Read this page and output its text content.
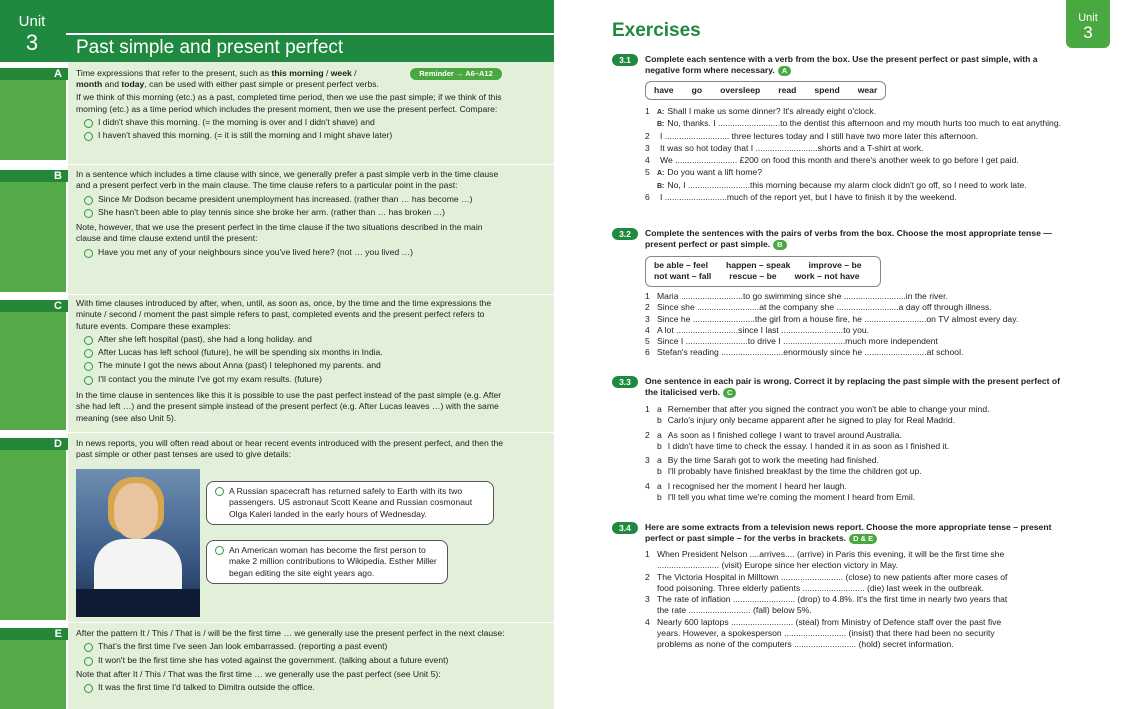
A
B
C
D
E
Unit
3	Past simple and present perfect
Reminder → A6–A12

Time expressions that refer to the present, such as this morning / week /

month and today, can be used with either past simple or present perfect verbs.

If we think of this morning (etc.) as a past, completed time period, then we use the past simple; if we think of this morning (etc.) as a time period which includes the present moment, then we use the present perfect. Compare:

I didn't shave this morning. (= the morning is over and I didn't shave) and

I haven't shaved this morning. (= it is still the morning and I might shave later)

In a sentence which includes a time clause with since, we generally prefer a past simple verb in the time clause and a present perfect verb in the main clause. The time clause refers to a particular point in the past:

Since Mr Dodson became president unemployment has increased. (rather than … has become …)

She hasn't been able to play tennis since she broke her arm. (rather than … has broken …)

Note, however, that we use the present perfect in the time clause if the two situations described in the main clause and time clause extend until the present:

Have you met any of your neighbours since you've lived here? (not … you lived …)

With time clauses introduced by after, when, until, as soon as, once, by the time and the time expressions the minute / second / moment the past simple refers to past, completed events and the present perfect refers to future events. Compare these examples:

After she left hospital (past), she had a long holiday. and

After Lucas has left school (future), he will be spending six months in India.

The minute I got the news about Anna (past) I telephoned my parents. and

I'll contact you the minute I've got my exam results. (future)

In the time clause in sentences like this it is possible to use the past perfect instead of the past simple (e.g. After she had left …) and the present simple instead of the present perfect (e.g. After Lucas leaves …) with the same meaning (see also Unit 5).

In news reports, you will often read about or hear recent events introduced with the present perfect, and then the past simple or other past tenses are used to give details:

A Russian spacecraft has returned safely to Earth with its two passengers. US astronaut Scott Keane and Russian cosmonaut Olga Kaleri landed in the early hours of Wednesday.
An American woman has become the first person to make 2 million contributions to Wikipedia. Esther Miller began editing the site eight years ago.

After the pattern It / This / That is / will be the first time … we generally use the present perfect in the next clause:

That's the first time I've seen Jan look embarrassed. (reporting a past event)

It won't be the first time she has voted against the government. (talking about a future event)

Note that after It / This / That was the first time … we generally use the past perfect (see Unit 5):

It was the first time I'd talked to Dimitra outside the office.

Unit
3
Exercises
3.1	Complete each sentence with a verb from the box. Use the present perfect or past simple, with a negative form where necessary. A
have go oversleep read spend wear
1 A: Shall I make us some dinner? It's already eight o'clock.
B: No, thanks. I ..........................to the dentist this afternoon and my mouth hurts too much to eat anything.
2 I ........................... three lectures today and I still have two more later this afternoon.
3 It was so hot today that I ..........................shorts and a T-shirt at work.
4 We .......................... £200 on food this month and there's another week to go before I get paid.
5 A: Do you want a lift home?
B: No, I ..........................this morning because my alarm clock didn't go off, so I need to work late.
6 I ..........................much of the report yet, but I have to finish it by the weekend.
3.2	Complete the sentences with the pairs of verbs from the box. Choose the most appropriate tense — present perfect or past simple. B
be able – feel happen – speak improve – be
not want – fall rescue – be work – not have
1 Maria ..........................to go swimming since she ..........................in the river.
2 Since she ..........................at the company she ..........................a day off through illness.
3 Since he ..........................the girl from a house fire, he ..........................on TV almost every day.
4 A lot ..........................since I last ..........................to you.
5 Since I ..........................to drive I ..........................much more independent
6 Stefan's reading ..........................enormously since he ..........................at school.
3.3	One sentence in each pair is wrong. Correct it by replacing the past simple with the present perfect of the italicised verb. C
1 a Remember that after you signed the contract you won't be able to change your mind.
b Carlo's injury only became apparent after he signed to play for Real Madrid.
2 a As soon as I finished college I want to travel around Australia.
b I didn't have time to check the essay. I handed it in as soon as I finished it.
3 a By the time Sarah got to work the meeting had finished.
b I'll probably have finished breakfast by the time the children got up.
4 a I recognised her the moment I heard her laugh.
b I'll tell you what time we're coming the moment I heard from Emil.
3.4	Here are some extracts from a television news report. Choose the more appropriate tense – present perfect or past simple – for the verbs in brackets. D & E
1 When President Nelson ....arrives.... (arrive) in Paris this evening, it will be the first time she
.......................... (visit) Europe since her election victory in May.
2 The Victoria Hospital in Milltown .......................... (close) to new patients after more cases of
food poisoning. Three elderly patients .......................... (die) last week in the outbreak.
3 The rate of inflation .......................... (drop) to 4.8%. It's the first time in nearly two years that
the rate .......................... (fall) below 5%.
4 Nearly 600 laptops .......................... (steal) from Ministry of Defence staff over the past five
years. However, a spokesperson .......................... (insist) that there had been no security
problems as none of the computers .......................... (hold) secret information.
